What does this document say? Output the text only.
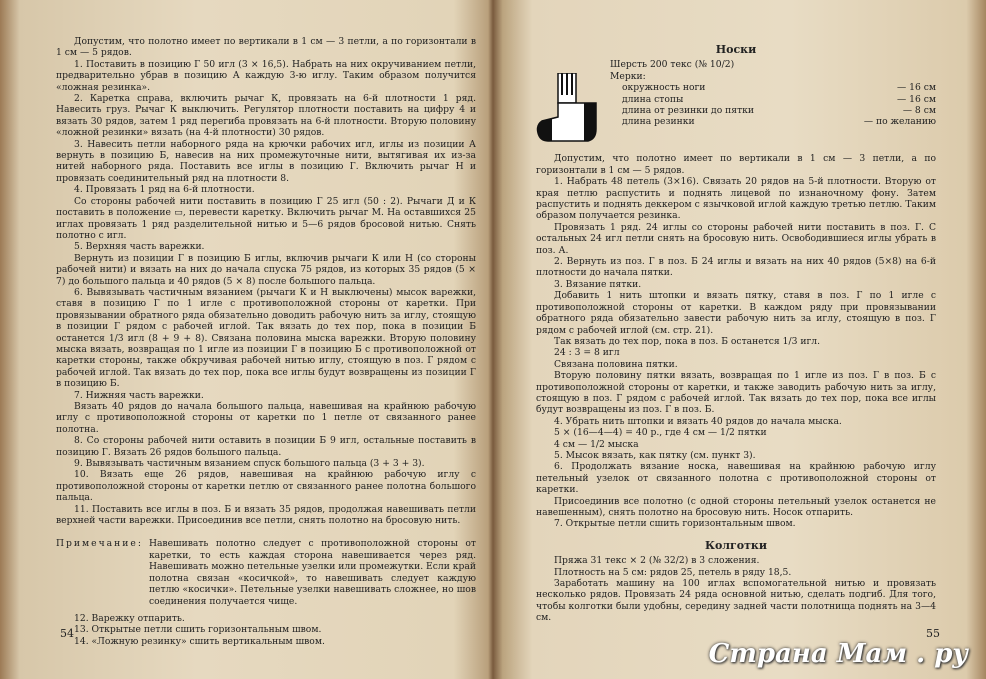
Допустим, что полотно имеет по вертикали в 1 см — 3 петли, а по горизонтали в 1 см — 5 рядов.

1. Поставить в позицию Г 50 игл (3 × 16,5). Набрать на них окручиванием петли, предварительно убрав в позицию А каждую 3-ю иглу. Таким образом получится «ложная резинка».

2. Каретка справа, включить рычаг К, провязать на 6-й плотности 1 ряд. Навесить груз. Рычаг К выключить. Регулятор плотности поставить на цифру 4 и вязать 30 рядов, затем 1 ряд перегиба провязать на 6-й плотности. Вторую половину «ложной резинки» вязать (на 4-й плотности) 30 рядов.

3. Навесить петли наборного ряда на крючки рабочих игл, иглы из позиции А вернуть в позицию Б, навесив на них промежуточные нити, вытягивая их из-за нитей наборного ряда. Поставить все иглы в позицию Г. Включить рычаг Н и провязать соединительный ряд на плотности 8.

4. Провязать 1 ряд на 6-й плотности.

Со стороны рабочей нити поставить в позицию Г 25 игл (50 : 2). Рычаги Д и К поставить в положение ▭, перевести каретку. Включить рычаг М. На оставшихся 25 иглах провязать 1 ряд разделительной нитью и 5—6 рядов бросовой нитью. Снять полотно с игл.

5. Верхняя часть варежки.

Вернуть из позиции Г в позицию Б иглы, включив рычаги К или Н (со стороны рабочей нити) и вязать на них до начала спуска 75 рядов, из которых 35 рядов (5 × 7) до большого пальца и 40 рядов (5 × 8) после большого пальца.

6. Вывязывать частичным вязанием (рычаги К и Н выключены) мысок варежки, ставя в позицию Г по 1 игле с противоположной стороны от каретки. При провязывании обратного ряда обязательно доводить рабочую нить за иглу, стоящую в позиции Г рядом с рабочей иглой. Так вязать до тех пор, пока в позиции Б останется 1/3 игл (8 + 9 + 8). Связана половина мыска варежки. Вторую половину мыска вязать, возвращая по 1 игле из позиции Г в позицию Б с противоположной от каретки стороны, также обкручивая рабочей нитью иглу, стоящую в поз. Г рядом с рабочей иглой. Так вязать до тех пор, пока все иглы будут возвращены из позиции Г в позицию Б.

7. Нижняя часть варежки.

Вязать 40 рядов до начала большого пальца, навешивая на крайнюю рабочую иглу с противоположной стороны от каретки по 1 петле от связанного ранее полотна.

8. Со стороны рабочей нити оставить в позиции Б 9 игл, остальные поставить в позицию Г. Вязать 26 рядов большого пальца.

9. Вывязывать частичным вязанием спуск большого пальца (3 + 3 + 3).

10. Вязать еще 26 рядов, навешивая на крайнюю рабочую иглу с противоположной стороны от каретки петлю от связанного ранее полотна большого пальца.

11. Поставить все иглы в поз. Б и вязать 35 рядов, продолжая навешивать петли верхней части варежки. Присоединив все петли, снять полотно на бросовую нить.

Примечание: Навешивать полотно следует с противоположной стороны от каретки, то есть каждая сторона навешивается через ряд. Навешивать можно петельные узелки или промежутки. Если край полотна связан «косичкой», то навешивать следует каждую петлю «косички». Петельные узелки навешивать сложнее, но шов соединения получается чище.

12. Варежку отпарить.

13. Открытые петли сшить горизонтальным швом.

14. «Ложную резинку» сшить вертикальным швом.

54
Носки
Шерсть 200 текс (№ 10/2)
Мерки:
окружность ноги	— 16 см
длина стопы	— 16 см
длина от резинки до пятки	— 8 см
длина резинки	— по желанию

Допустим, что полотно имеет по вертикали в 1 см — 3 петли, а по горизонтали в 1 см — 5 рядов.

1. Набрать 48 петель (3×16). Связать 20 рядов на 5-й плотности. Вторую от края петлю распустить и поднять лицевой по изнаночному фону. Затем распустить и поднять деккером с язычковой иглой каждую третью петлю. Таким образом получается резинка.

Провязать 1 ряд. 24 иглы со стороны рабочей нити поставить в поз. Г. С остальных 24 игл петли снять на бросовую нить. Освободившиеся иглы убрать в поз. А.

2. Вернуть из поз. Г в поз. Б 24 иглы и вязать на них 40 рядов (5×8) на 6-й плотности до начала пятки.

3. Вязание пятки.

Добавить 1 нить штопки и вязать пятку, ставя в поз. Г по 1 игле с противоположной стороны от каретки. В каждом ряду при провязывании обратного ряда обязательно завести рабочую нить за иглу, стоящую в поз. Г рядом с рабочей иглой (см. стр. 21).

Так вязать до тех пор, пока в поз. Б останется 1/3 игл.

24 : 3 = 8 игл

Связана половина пятки.

Вторую половину пятки вязать, возвращая по 1 игле из поз. Г в поз. Б с противоположной стороны от каретки, и также заводить рабочую нить за иглу, стоящую в поз. Г рядом с рабочей иглой. Так вязать до тех пор, пока все иглы будут возвращены из поз. Г в поз. Б.

4. Убрать нить штопки и вязать 40 рядов до начала мыска.

5 × (16—4—4) = 40 р., где 4 см — 1/2 пятки

4 см — 1/2 мыска

5. Мысок вязать, как пятку (см. пункт 3).

6. Продолжать вязание носка, навешивая на крайнюю рабочую иглу петельный узелок от связанного полотна с противоположной стороны от каретки.

Присоединив все полотно (с одной стороны петельный узелок останется не навешенным), снять полотно на бросовую нить. Носок отпарить.

7. Открытые петли сшить горизонтальным швом.

Колготки

Пряжа 31 текс × 2 (№ 32/2) в 3 сложения.

Плотность на 5 см: рядов 25, петель в ряду 18,5.

Заработать машину на 100 иглах вспомогательной нитью и провязать несколько рядов. Провязать 24 ряда основной нитью, сделать подгиб. Для того, чтобы колготки были удобны, середину задней части полотнища поднять на 3—4 см.

55
Страна Мам . ру
